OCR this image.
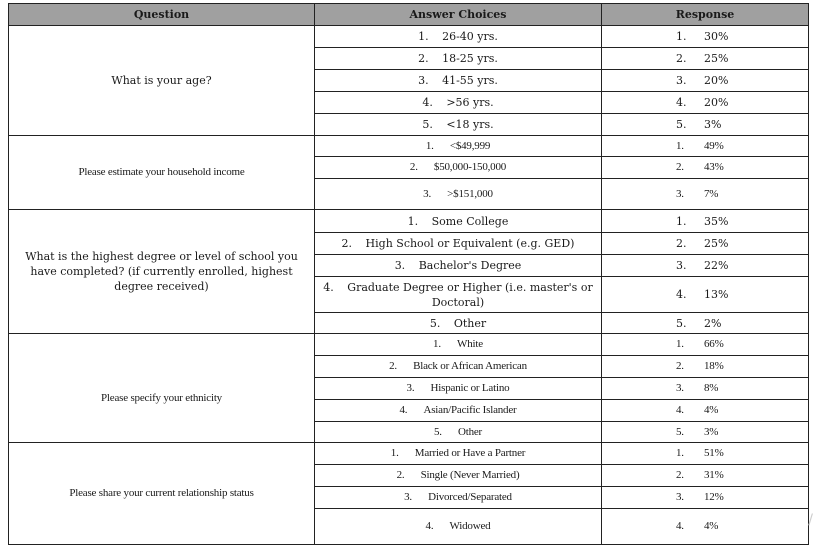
Question	Answer Choices	Response
What is your age?	1. 26-40 yrs.	1. 30%
	2. 18-25 yrs.	2. 25%
	3. 41-55 yrs.	3. 20%
	4. >56 yrs.	4. 20%
	5. <18 yrs.	5. 3%
Please estimate your household income	1. <$49,999	1. 49%
	2. $50,000-150,000	2. 43%
	3. >$151,000	3. 7%
What is the highest degree or level of school you have completed? (if currently enrolled, highest degree received)	1. Some College	1. 35%
	2. High School or Equivalent (e.g. GED)	2. 25%
	3. Bachelor's Degree	3. 22%
	4. Graduate Degree or Higher (i.e. master's or Doctoral)	4. 13%
	5. Other	5. 2%
Please specify your ethnicity	1. White	1. 66%
	2. Black or African American	2. 18%
	3. Hispanic or Latino	3. 8%
	4. Asian/Pacific Islander	4. 4%
	5. Other	5. 3%
Please share your current relationship status	1. Married or Have a Partner	1. 51%
	2. Single (Never Married)	2. 31%
	3. Divorced/Separated	3. 12%
	4. Widowed	4. 4%	/
